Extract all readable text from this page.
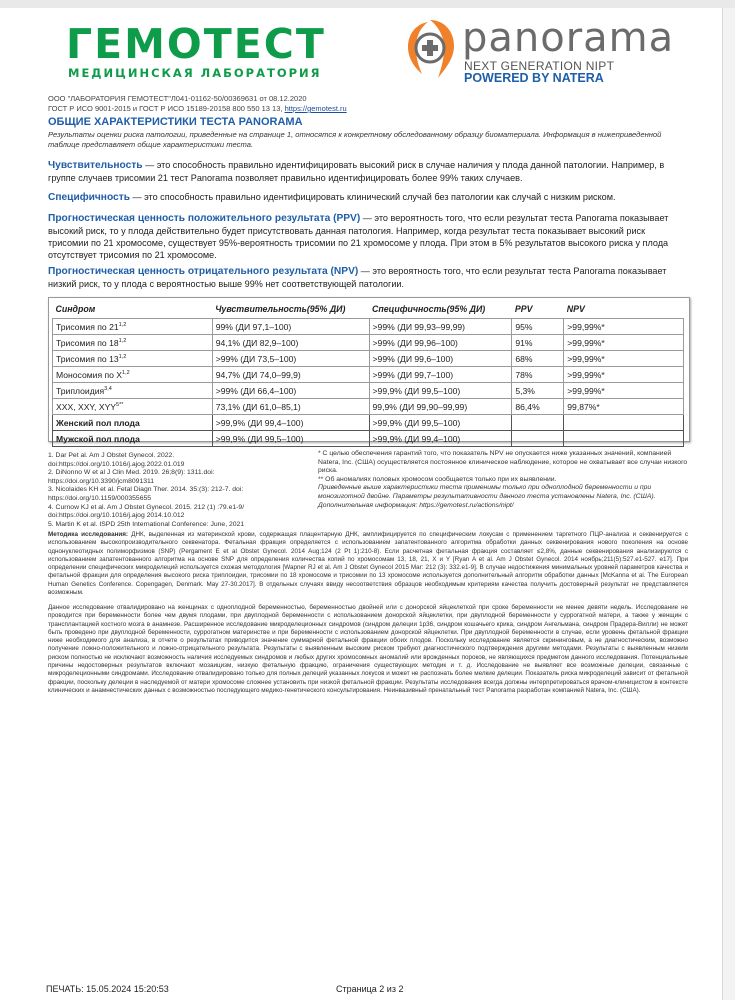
ГЕМОТЕСТ
МЕДИЦИНСКАЯ ЛАБОРАТОРИЯ
panorama
NEXT GENERATION NIPT
POWERED BY NATERA
ООО "ЛАБОРАТОРИЯ ГЕМОТЕСТ"Л041-01162-50/00369631 от 08.12.2020
ГОСТ Р ИСО 9001-2015 и ГОСТ Р ИСО 15189-20158 800 550 13 13, https://gemotest.ru
ОБЩИЕ ХАРАКТЕРИСТИКИ ТЕСТА PANORAMA
Результаты оценки риска патологии, приведенные на странице 1, относятся к конкретному обследованному образцу биоматериала. Информация в нижеприведенной таблице представляет общие характеристики теста.
Чувствительность — это способность правильно идентифицировать высокий риск в случае наличия у плода данной патологии. Например, в группе случаев трисомии 21 тест Panorama позволяет правильно идентифицировать более 99% таких случаев.
Специфичность — это способность правильно идентифицировать клинический случай без патологии как случай с низким риском.
Прогностическая ценность положительного результата (PPV) — это вероятность того, что если результат теста Panorama показывает высокий риск, то у плода действительно будет присутствовать данная патология. Например, когда результат теста показывает высокий риск трисомии по 21 хромосоме, существует 95%-вероятность трисомии по 21 хромосоме у плода. При этом в 5% результатов высокого риска у плода отсутствует трисомия по 21 хромосоме.
Прогностическая ценность отрицательного результата (NPV) — это вероятность того, что если результат теста Panorama показывает низкий риск, то у плода с вероятностью выше 99% нет соответствующей патологии.
Синдром	Чувствительность(95% ДИ)	Специфичность(95% ДИ)	PPV	NPV
Трисомия по 21$^{1,2}$	99% (ДИ 97,1–100)	>99% (ДИ 99,93–99,99)	95%	>99,99%*
Трисомия по 18$^{1,2}$	94,1% (ДИ 82,9–100)	>99% (ДИ 99,96–100)	91%	>99,99%*
Трисомия по $13^{1,2}$	>99% (ДИ 73,5–100)	>99% (ДИ 99,6–100)	68%	>99,99%*
Моносомия по X$^{1,2}$	94,7% (ДИ 74,0–99,9)	>99% (ДИ 99,7–100)	78%	>99,99%*
Триплоидия$^{3,4}$	>99% (ДИ 66,4–100)	>99,9% (ДИ 99,5–100)	5,3%	>99,99%*
XXX, XXY, $XYY^{5**}$	73,1% (ДИ 61,0–85,1)	99,9% (ДИ 99,90–99,99)	86,4%	99,87%*
Женский пол плода	>99,9% (ДИ 99,4–100)	>99,9% (ДИ 99,5–100)		
Мужской пол плода	>99,9% (ДИ 99,5–100)	>99,9% (ДИ 99,4–100)		
1. Dar Pet al. Am J Obstet Gynecol. 2022. doi:https://doi.org/10.1016/j.ajog.2022.01.019
2. DiNonno W et al J Clin Med. 2019. 26;8(9): 1311.doi: https://doi.org/10.3390/jcm8091311
3. Nicolaides KH et al. Fetal Diagn Ther. 2014. 35:(3): 212-7. doi: https://doi.org/10.1159/000355655
4. Curnow KJ et al. Am J Obstet Gynecol. 2015. 212 (1) :79.e1-9/ doi:https://doi.org/10.1016/j.ajog 2014.10.012
5. Martin K et al. ISPD 25th International Conference: June, 2021
* С целью обеспечения гарантий того, что показатель NPV не опускается ниже указанных значений, компанией Natera, Inc. (США) осуществляется постоянное клиническое наблюдение, которое не охватывает все случаи низкого риска.
** Об аномалиях половых хромосом сообщается только при их выявлении.
Приведенные выше характеристики теста применимы только при одноплодной беременности и при монозиготной двойне. Параметры результативности данного теста установлены Natera, Inc. (США).
Дополнительная информация: https://gemotest.ru/actions/nipt/
Методика исследования: ДНК, выделенная из материнской крови, содержащая плацентарную ДНК, амплифицируется по специфическим локусам с применением таргетного ПЦР-анализа и секвенируется с использованием высокопроизводительного секвенатора. Фетальная фракция определяется с использованием запатентованного алгоритма обработки данных секвенирования нового поколения на основе однонуклеотидных полиморфизмов (SNP) (Pergament E et al Obstet Gynecol. 2014 Aug;124 (2 Pt 1):210-8). Если расчетная фетальная фракция составляет ≤2,8%, данные секвенирования анализируются с использованием запатентованного алгоритма на основе SNP для определения количества копий по хромосомам 13, 18, 21, X и Y [Ryan A et al. Am J Obstet Gynecol. 2014 ноябрь;211(5):527.e1-527. e17]. При определении специфических микроделеций используется схожая методология [Wapner RJ et al. Am J Obstet Gynecol 2015 Mar: 212 (3): 332.e1-9]. В случае недостижения минимальных уровней параметров качества и фетальной фракции для определения высокого риска триплоидии, трисомии по 18 хромосоме и трисомии по 13 хромосоме используется дополнительный алгоритм обработки данных [McKanna et al. The European Human Genetics Conference. Copengagen, Denmark. May 27-30.2017]. В отдельных случаях ввиду несоответствия образцов необходимым критериям качества получить достоверный результат не представляется возможным.
Данное исследование отвалидировано на женщинах с одноплодной беременностью, беременностью двойней или с донорской яйцеклеткой при сроке беременности не менее девяти недель. Исследование не проводится при беременности более чем двумя плодами, при двуплодной беременности с использованием донорской яйцеклетки, при двуплодной беременности у суррогатной матери, а также у женщин с трансплантацией костного мозга в анамнезе. Расширенное исследование микроделеционных синдромов (синдром делеции 1p36, синдром кошачьего крика, синдром Ангельмана, синдром Прадера-Вилли) не может быть проведено при двуплодной беременности, суррогатном материнстве и при беременности с использованием донорской яйцеклетки. При двуплодной беременности в случае, если уровень фетальной фракции ниже необходимого для анализа, в отчете о результатах приводится значение суммарной фетальной фракции обоих плодов. Поскольку исследование является скрининговым, а не диагностическим, возможно получение ложно-положительного и ложно-отрицательного результата. Результаты с выявленным высоким риском требуют диагностического подтверждения другими методами. Результаты с выявленным низким риском полностью не исключают возможность наличия исследуемых синдромов и любых других хромосомных аномалий или врожденных пороков, не являющихся предметом данного исследования. Потенциальные причины недостоверных результатов включают мозаицизм, низкую фетальную фракцию, ограничения существующих методик и т. д. Исследование не выявляет все возможные делеции, связанные с микроделеционными синдромами. Исследование отвалидировано только для полных делеций указанных локусов и может не распознать более мелкие делеции. Показатель риска микроделеций зависит от фетальной фракции, поскольку делеции в наследуемой от матери хромосоме сложнее установить при низкой фетальной фракции. Результаты исследования всегда должны интерпретироваться врачом-клиницистом в контексте клинических и анамнестических данных с возможностью последующего медико-генетического консультирования. Неинвазивный пренатальный тест Panorama разработан компанией Natera, Inc. (США).
ПЕЧАТЬ: 15.05.2024 15:20:53	Страница 2 из 2
